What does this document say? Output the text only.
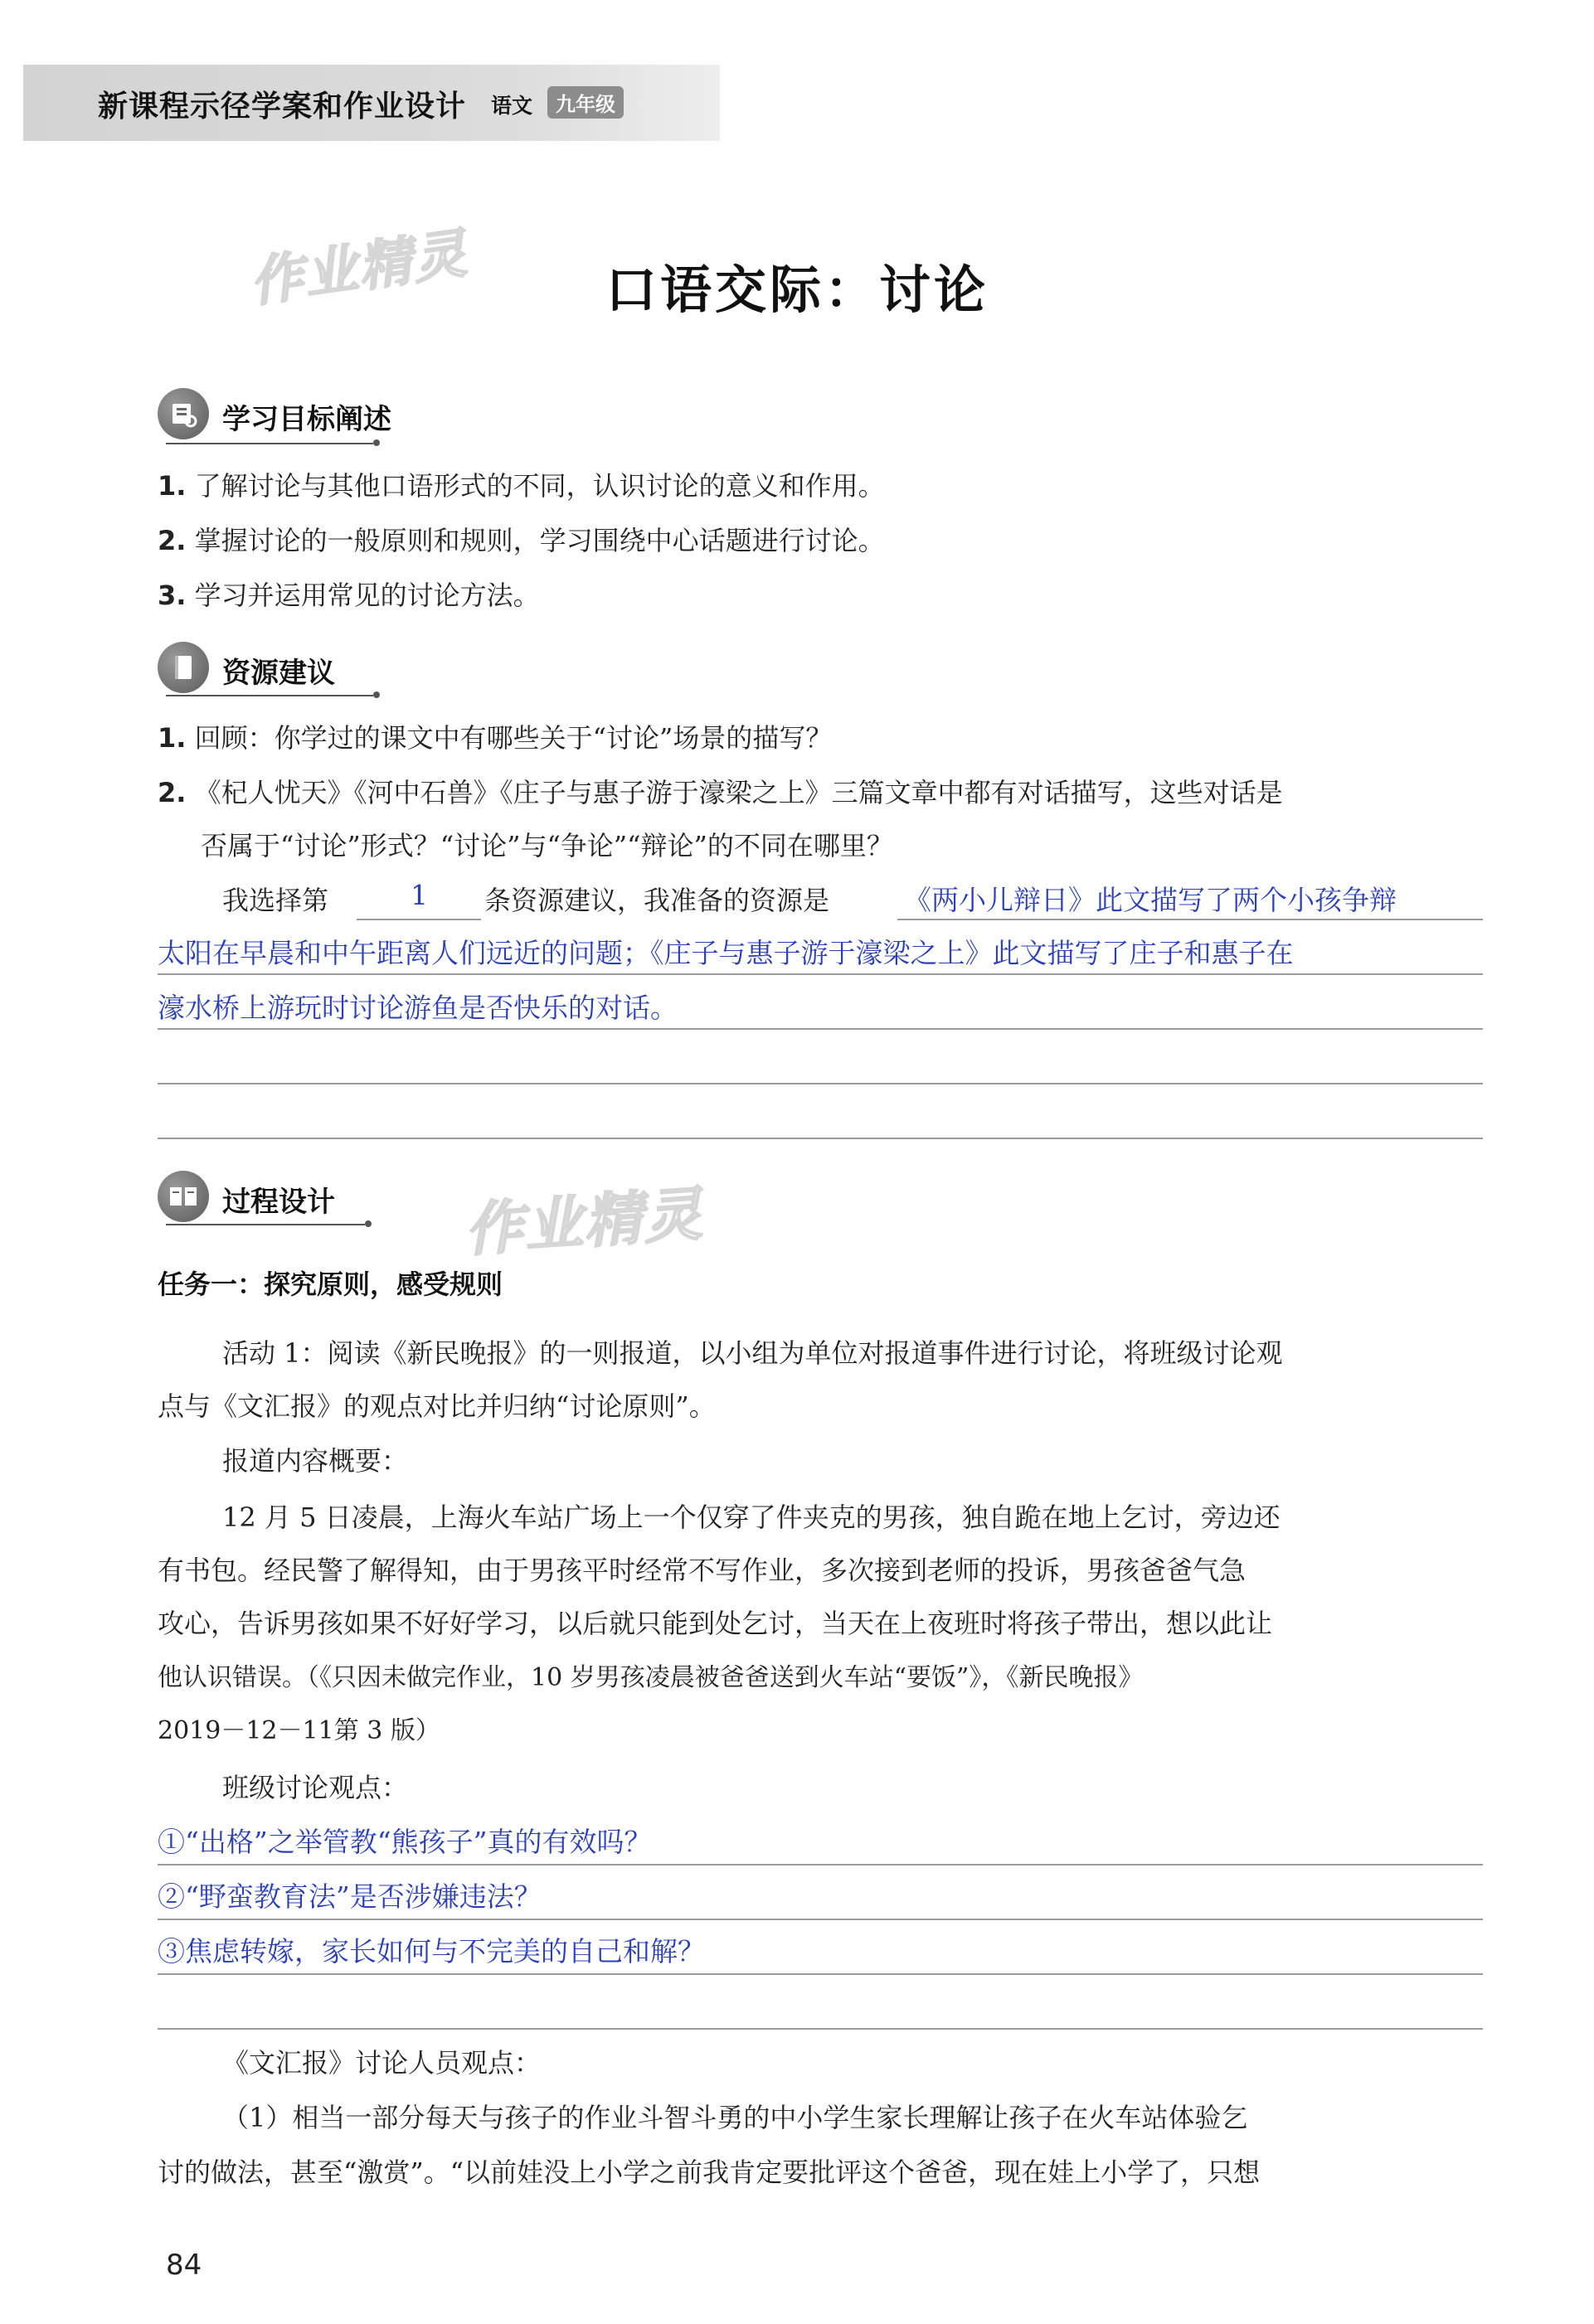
新课程示径学案和作业设计 语文	九年级
作业精灵
作业精灵
口语交际：讨论
学习目标阐述
1. 了解讨论与其他口语形式的不同，认识讨论的意义和作用。
2. 掌握讨论的一般原则和规则，学习围绕中心话题进行讨论。
3. 学习并运用常见的讨论方法。
资源建议
1. 回顾：你学过的课文中有哪些关于“讨论”场景的描写？
2. 《杞人忧天》《河中石兽》《庄子与惠子游于濠梁之上》三篇文章中都有对话描写，这些对话是
否属于“讨论”形式？“讨论”与“争论”“辩论”的不同在哪里？
我选择第	1 条资源建议，我准备的资源是	《两小儿辩日》此文描写了两个小孩争辩
太阳在早晨和中午距离人们远近的问题；《庄子与惠子游于濠梁之上》此文描写了庄子和惠子在
濠水桥上游玩时讨论游鱼是否快乐的对话。
过程设计
任务一：探究原则，感受规则
活动 1：阅读《新民晚报》的一则报道，以小组为单位对报道事件进行讨论，将班级讨论观
点与《文汇报》的观点对比并归纳“讨论原则”。
报道内容概要：
12 月 5 日凌晨，上海火车站广场上一个仅穿了件夹克的男孩，独自跪在地上乞讨，旁边还
有书包。经民警了解得知，由于男孩平时经常不写作业，多次接到老师的投诉，男孩爸爸气急
攻心，告诉男孩如果不好好学习，以后就只能到处乞讨，当天在上夜班时将孩子带出，想以此让
他认识错误。（《只因未做完作业，10 岁男孩凌晨被爸爸送到火车站“要饭”》，《新民晚报》
2019－12－11第 3 版）
班级讨论观点：
①“出格”之举管教“熊孩子”真的有效吗？
②“野蛮教育法”是否涉嫌违法？
③焦虑转嫁，家长如何与不完美的自己和解？
《文汇报》讨论人员观点：
（1）相当一部分每天与孩子的作业斗智斗勇的中小学生家长理解让孩子在火车站体验乞
讨的做法，甚至“激赏”。“以前娃没上小学之前我肯定要批评这个爸爸，现在娃上小学了，只想
84
